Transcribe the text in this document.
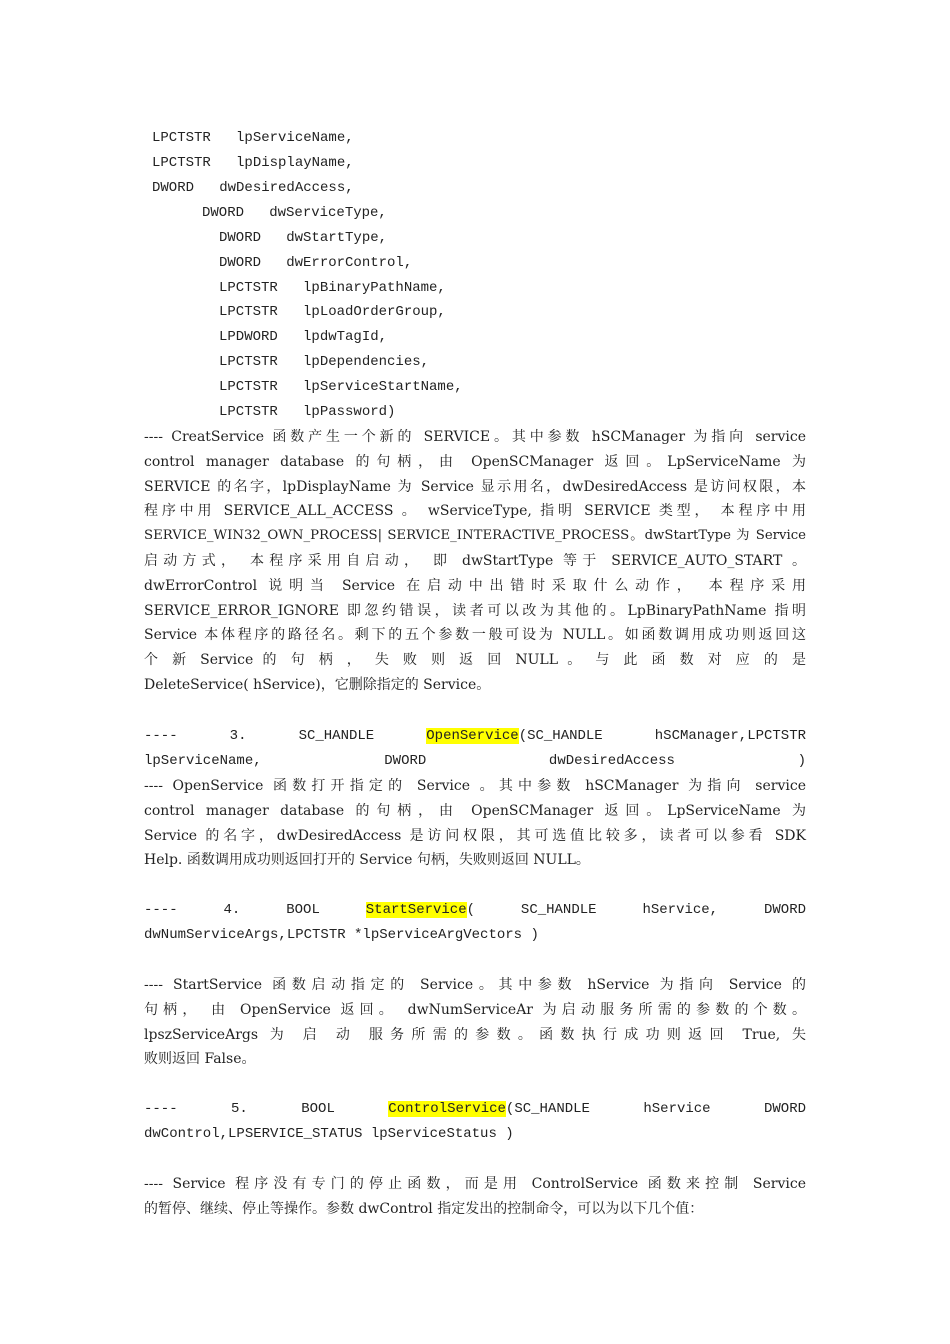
LPCTSTR   lpServiceName,
LPCTSTR   lpDisplayName,
DWORD   dwDesiredAccess,
DWORD   dwServiceType,
DWORD   dwStartType,
DWORD   dwErrorControl,
LPCTSTR   lpBinaryPathName,
LPCTSTR   lpLoadOrderGroup,
LPDWORD   lpdwTagId,
LPCTSTR   lpDependencies,
LPCTSTR   lpServiceStartName,
LPCTSTR   lpPassword)
---- CreatService 函数产生一个新的 SERVICE。其中参数 hSCManager 为指向 service
control manager database 的句柄，由 OpenSCManager 返回。LpServiceName 为
SERVICE 的名字，lpDisplayName 为 Service 显示用名，dwDesiredAccess 是访问权限，本
程序中用 SERVICE_ALL_ACCESS 。 wServiceType, 指明 SERVICE 类型， 本程序中用
SERVICE_WIN32_OWN_PROCESS| SERVICE_INTERACTIVE_PROCESS。dwStartType 为 Service
启动方式， 本程序采用自启动， 即 dwStartType 等于 SERVICE_AUTO_START 。
dwErrorControl 说明当 Service 在启动中出错时采取什么动作， 本程序采用
SERVICE_ERROR_IGNORE 即忽约错误，读者可以改为其他的。LpBinaryPathName 指明
Service 本体程序的路径名。剩下的五个参数一般可设为 NULL。如函数调用成功则返回这
个 新 Service 的 句 柄 ， 失 败 则 返 回 NULL 。 与 此 函 数 对 应 的 是
DeleteService( hService)，它删除指定的 Service。
---- 3. SC_HANDLE OpenService(SC_HANDLE hSCManager,LPCTSTR
lpServiceName, DWORD dwDesiredAccess )
---- OpenService 函数打开指定的 Service 。其中参数 hSCManager 为指向 service
control manager database 的句柄，由 OpenSCManager 返回。LpServiceName 为
Service 的名字，dwDesiredAccess 是访问权限，其可选值比较多，读者可以参看 SDK
Help. 函数调用成功则返回打开的 Service 句柄，失败则返回 NULL。
---- 4. BOOL StartService( SC_HANDLE hService, DWORD
dwNumServiceArgs,LPCTSTR *lpServiceArgVectors )
---- StartService 函数启动指定的 Service。其中参数 hService 为指向 Service 的
句柄， 由 OpenService 返回。 dwNumServiceAr 为启动服务所需的参数的个数。
lpszServiceArgs 为 启 动 服务所需的参数。函数执行成功则返回 True, 失
败则返回 False。
---- 5. BOOL ControlService(SC_HANDLE hService DWORD
dwControl,LPSERVICE_STATUS lpServiceStatus )
---- Service 程序没有专门的停止函数，而是用 ControlService 函数来控制 Service
的暂停、继续、停止等操作。参数 dwControl 指定发出的控制命令，可以为以下几个值：
